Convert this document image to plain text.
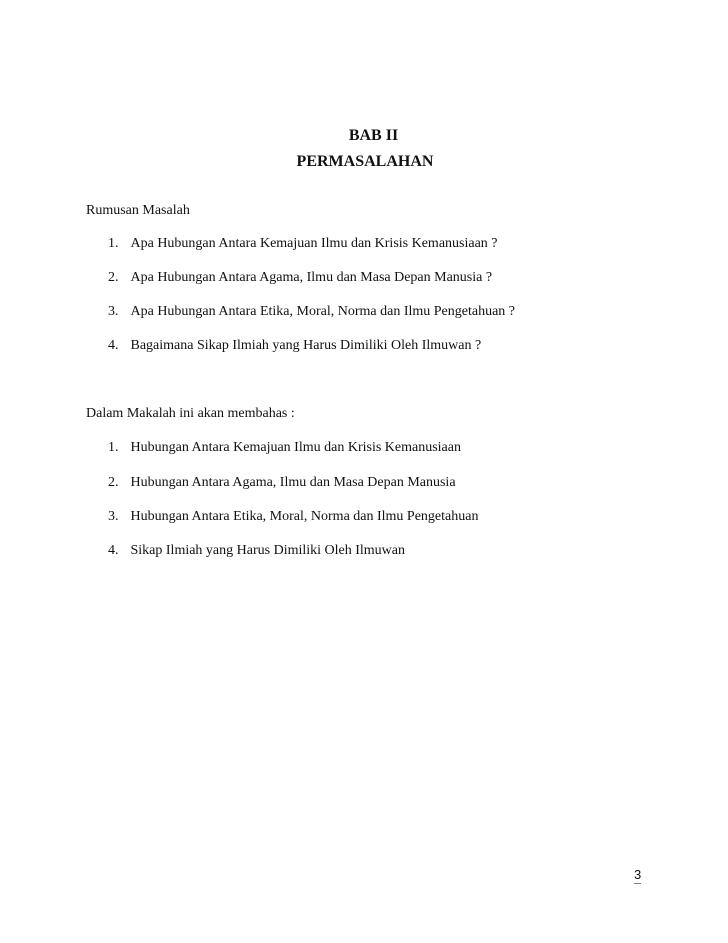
BAB II
PERMASALAHAN
Rumusan Masalah
1. Apa Hubungan Antara Kemajuan Ilmu dan Krisis Kemanusiaan ?
2. Apa Hubungan Antara Agama, Ilmu dan Masa Depan Manusia ?
3. Apa Hubungan Antara Etika, Moral, Norma dan Ilmu Pengetahuan ?
4. Bagaimana Sikap Ilmiah yang Harus Dimiliki Oleh Ilmuwan ?
Dalam Makalah ini akan membahas :
1. Hubungan Antara Kemajuan Ilmu dan Krisis Kemanusiaan
2. Hubungan Antara Agama, Ilmu dan Masa Depan Manusia
3. Hubungan Antara Etika, Moral, Norma dan Ilmu Pengetahuan
4. Sikap Ilmiah yang Harus Dimiliki Oleh Ilmuwan
3
